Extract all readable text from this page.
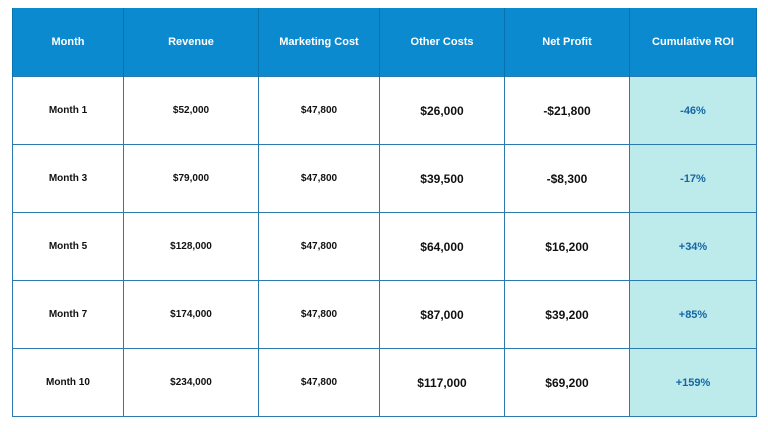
Month	Revenue	Marketing Cost	Other Costs	Net Profit	Cumulative ROI
Month 1	$52,000	$47,800	$26,000	-$21,800	-46%
Month 3	$79,000	$47,800	$39,500	-$8,300	-17%
Month 5	$128,000	$47,800	$64,000	$16,200	+34%
Month 7	$174,000	$47,800	$87,000	$39,200	+85%
Month 10	$234,000	$47,800	$117,000	$69,200	+159%
